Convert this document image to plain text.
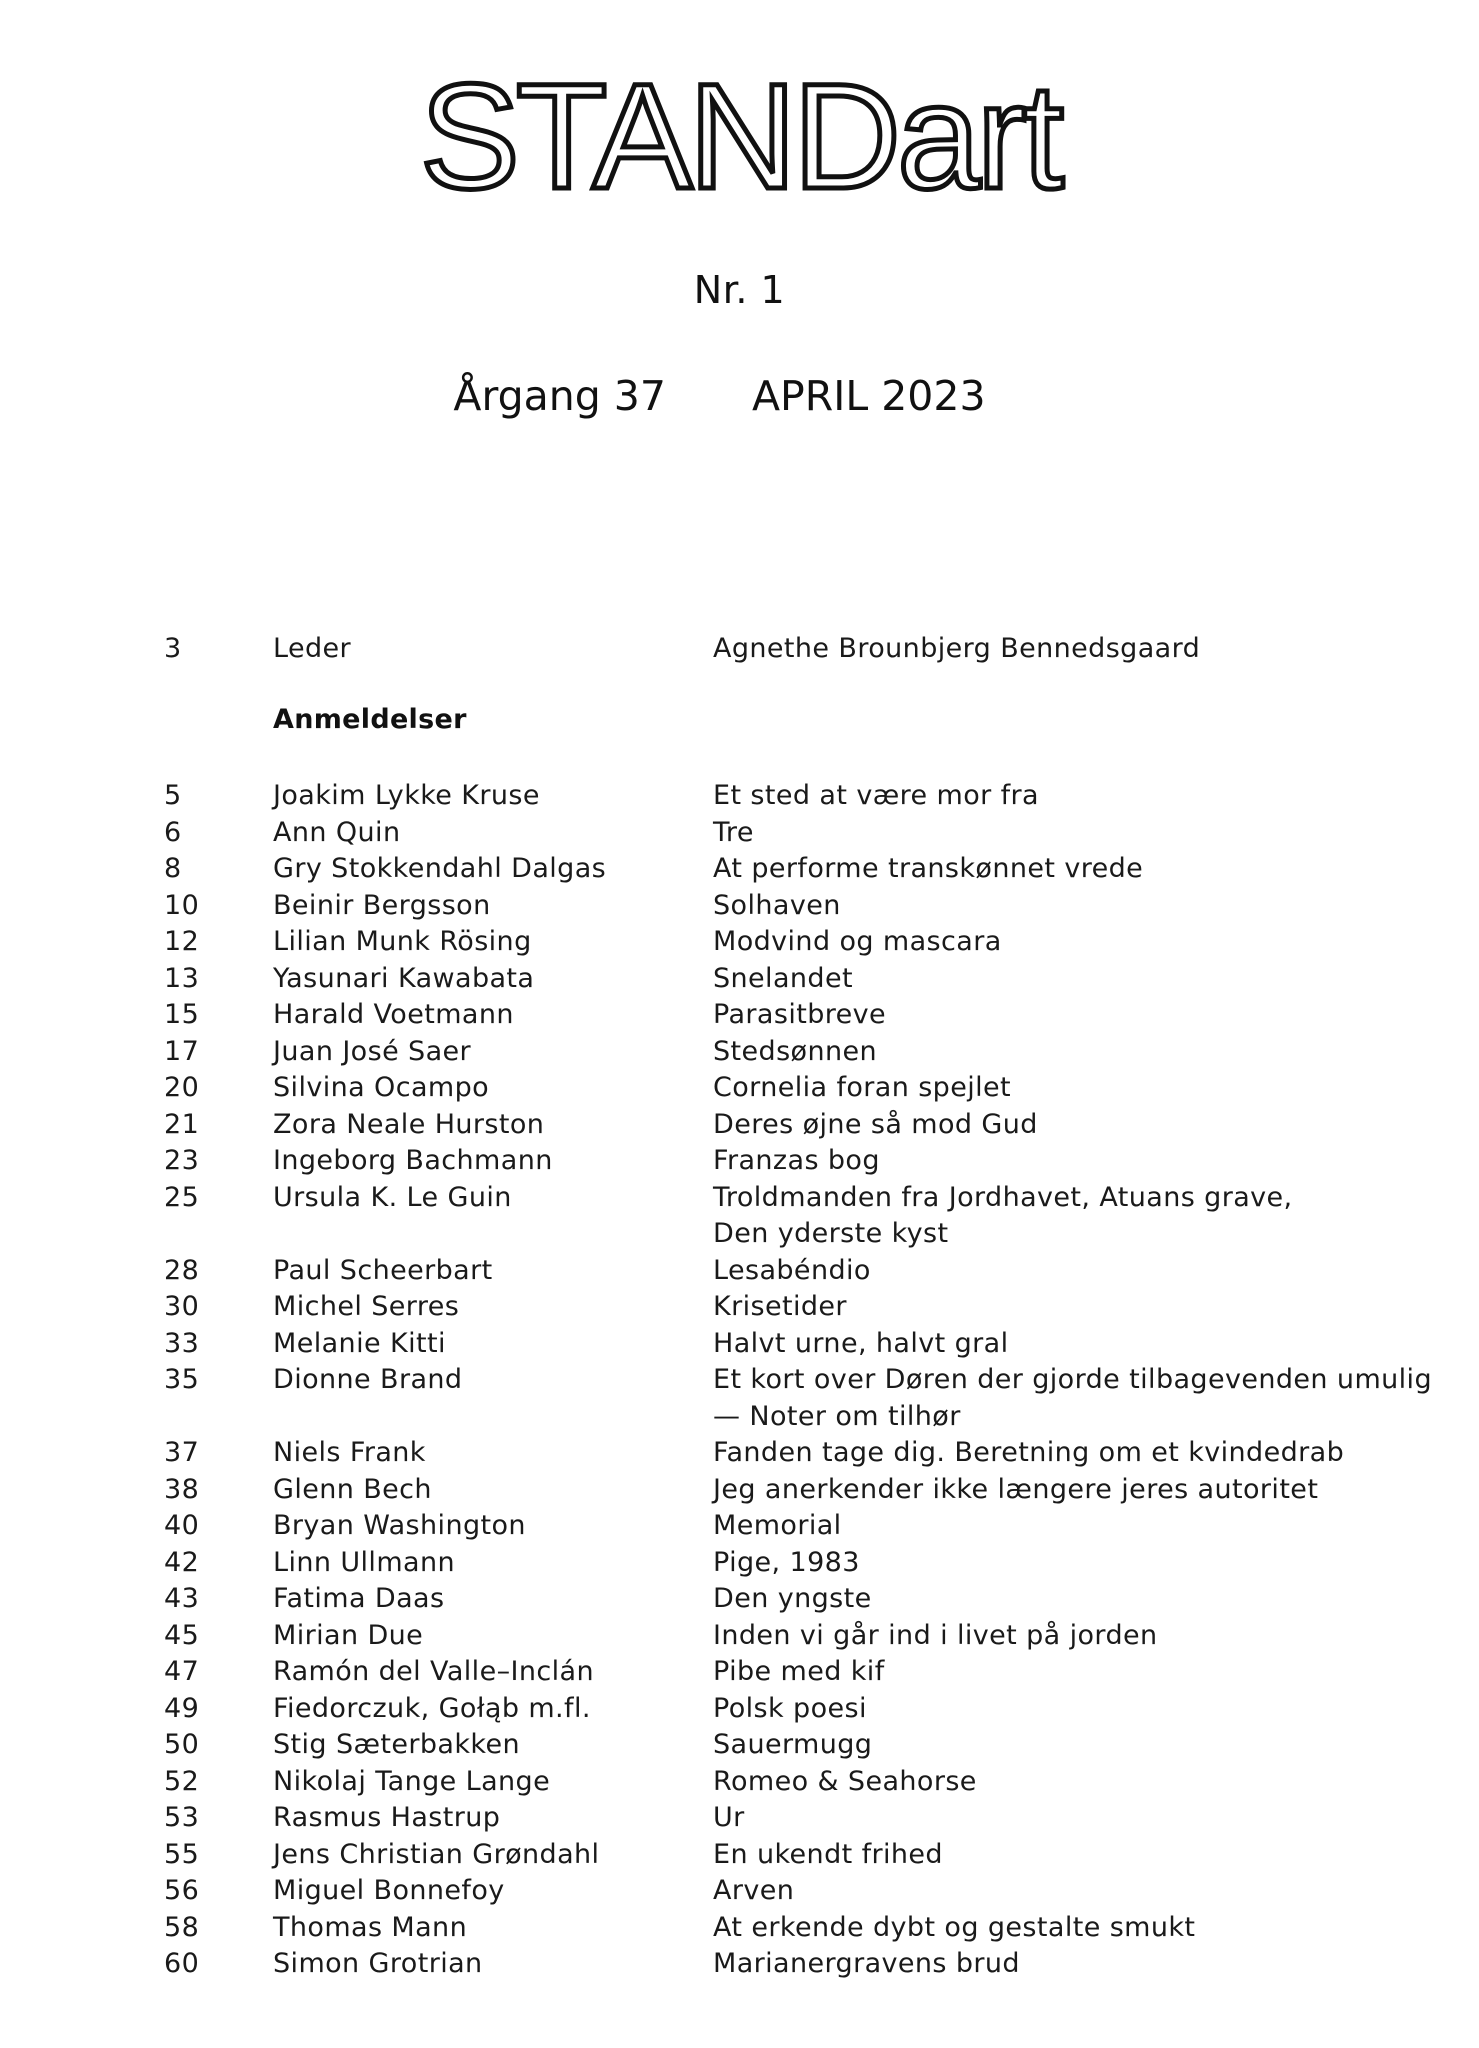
STANDart
Nr. 1
Årgang 37 APRIL 2023
3	Leder	Agnethe Brounbjerg Bennedsgaard
Anmeldelser
5	Joakim Lykke Kruse	Et sted at være mor fra
6	Ann Quin	Tre
8	Gry Stokkendahl Dalgas	At performe transkønnet vrede
10	Beinir Bergsson	Solhaven
12	Lilian Munk Rösing	Modvind og mascara
13	Yasunari Kawabata	Snelandet
15	Harald Voetmann	Parasitbreve
17	Juan José Saer	Stedsønnen
20	Silvina Ocampo	Cornelia foran spejlet
21	Zora Neale Hurston	Deres øjne så mod Gud
23	Ingeborg Bachmann	Franzas bog
25	Ursula K. Le Guin	Troldmanden fra Jordhavet, Atuans grave,
Den yderste kyst
28	Paul Scheerbart	Lesabéndio
30	Michel Serres	Krisetider
33	Melanie Kitti	Halvt urne, halvt gral
35	Dionne Brand	Et kort over Døren der gjorde tilbagevenden umulig
— Noter om tilhør
37	Niels Frank	Fanden tage dig. Beretning om et kvindedrab
38	Glenn Bech	Jeg anerkender ikke længere jeres autoritet
40	Bryan Washington	Memorial
42	Linn Ullmann	Pige, 1983
43	Fatima Daas	Den yngste
45	Mirian Due	Inden vi går ind i livet på jorden
47	Ramón del Valle–Inclán	Pibe med kif
49	Fiedorczuk, Gołąb m.fl.	Polsk poesi
50	Stig Sæterbakken	Sauermugg
52	Nikolaj Tange Lange	Romeo & Seahorse
53	Rasmus Hastrup	Ur
55	Jens Christian Grøndahl	En ukendt frihed
56	Miguel Bonnefoy	Arven
58	Thomas Mann	At erkende dybt og gestalte smukt
60	Simon Grotrian	Marianergravens brud
